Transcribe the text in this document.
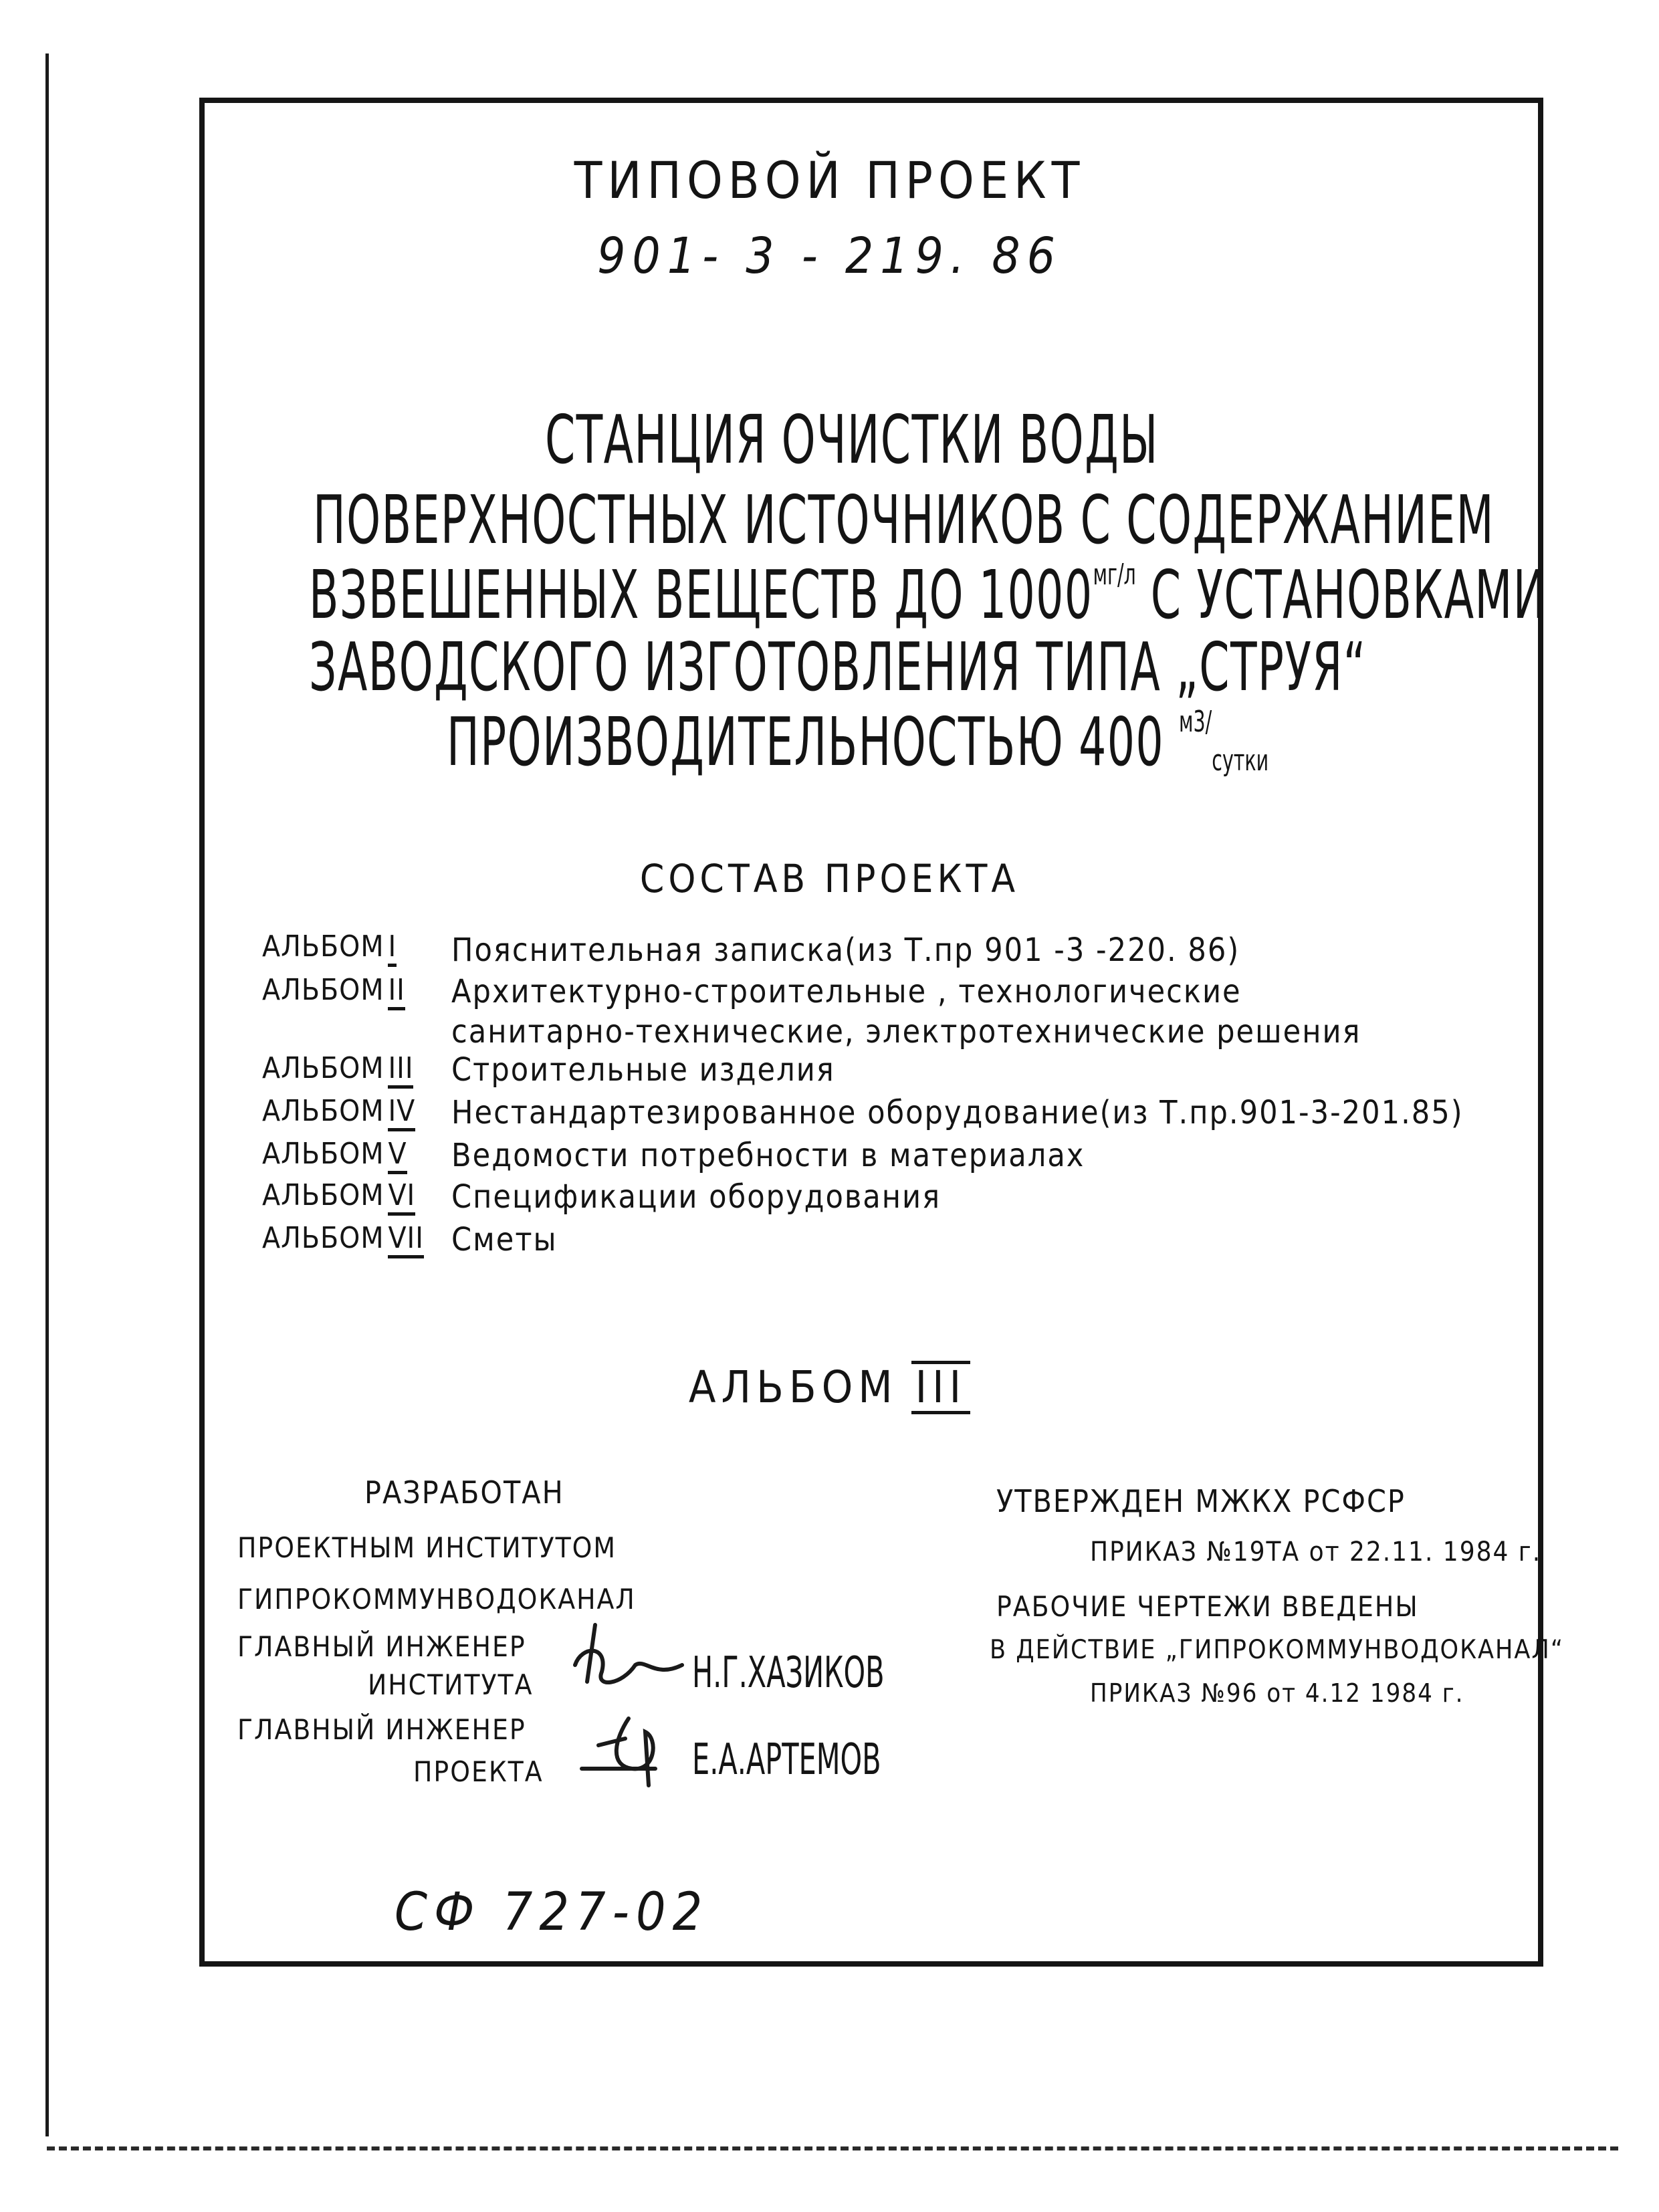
ТИПОВОЙ ПРОЕКТ
901- 3 - 219. 86
СТАНЦИЯ ОЧИСТКИ ВОДЫ
ПОВЕРХНОСТНЫХ ИСТОЧНИКОВ С СОДЕРЖАНИЕМ
ВЗВЕШЕННЫХ ВЕЩЕСТВ ДО 1000мг/л С УСТАНОВКАМИ
ЗАВОДСКОГО ИЗГОТОВЛЕНИЯ ТИПА „СТРУЯ“
ПРОИЗВОДИТЕЛЬНОСТЬЮ 400 м3/сутки
СОСТАВ ПРОЕКТА
АЛЬБОМ I Пояснительная записка(из Т.пр 901 -3 -220. 86)
АЛЬБОМ II Архитектурно-строительные , технологические
санитарно-технические, электротехнические решения
АЛЬБОМ III Строительные изделия
АЛЬБОМ IV Нестандартезированное оборудование(из Т.пр.901-3-201.85)
АЛЬБОМ V Ведомости потребности в материалах
АЛЬБОМ VI Спецификации оборудования
АЛЬБОМ VII Сметы
АЛЬБОМ III
РАЗРАБОТАН
ПРОЕКТНЫМ ИНСТИТУТОМ
ГИПРОКОММУНВОДОКАНАЛ
ГЛАВНЫЙ ИНЖЕНЕР
ИНСТИТУТА	Н.Г.ХАЗИКОВ
ГЛАВНЫЙ ИНЖЕНЕР
ПРОЕКТА	Е.А.АРТЕМОВ
УТВЕРЖДЕН МЖКХ РСФСР
ПРИКАЗ №19ТА от 22.11. 1984 г.
РАБОЧИЕ ЧЕРТЕЖИ ВВЕДЕНЫ
В ДЕЙСТВИЕ „ГИПРОКОММУНВОДОКАНАЛ“
ПРИКАЗ №96 от 4.12 1984 г.
СФ 727-02
